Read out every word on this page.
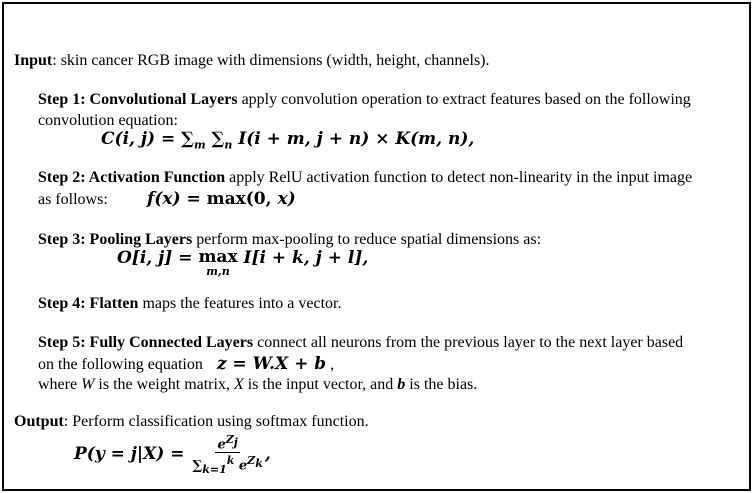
Input: skin cancer RGB image with dimensions (width, height, channels).
Step 1: Convolutional Layers apply convolution operation to extract features based on the following
convolution equation:
C(i, $j) = \sum_m$ $\sum_n$ I(i + m, j + n) × K(m, n),
Step 2: Activation Function apply RelU activation function to detect non-linearity in the input image
as follows: f(x) = max(0, x)
Step 3: Pooling Layers perform max-pooling to reduce spatial dimensions as:
O[i, j] = max
m,n
I[i + k, j + l],
Step 4: Flatten maps the features into a vector.
Step 5: Fully Connected Layers connect all neurons from the previous layer to the next layer based
on the following equation z = W.X + b ,
where W is the weight matrix, X is the input vector, and b is the bias.
Output: Perform classification using softmax function.
$P(y = j|X) = \frac{e^{Z_j}}{\sum_{k=1}^k e^{Z_k}}$ ,
